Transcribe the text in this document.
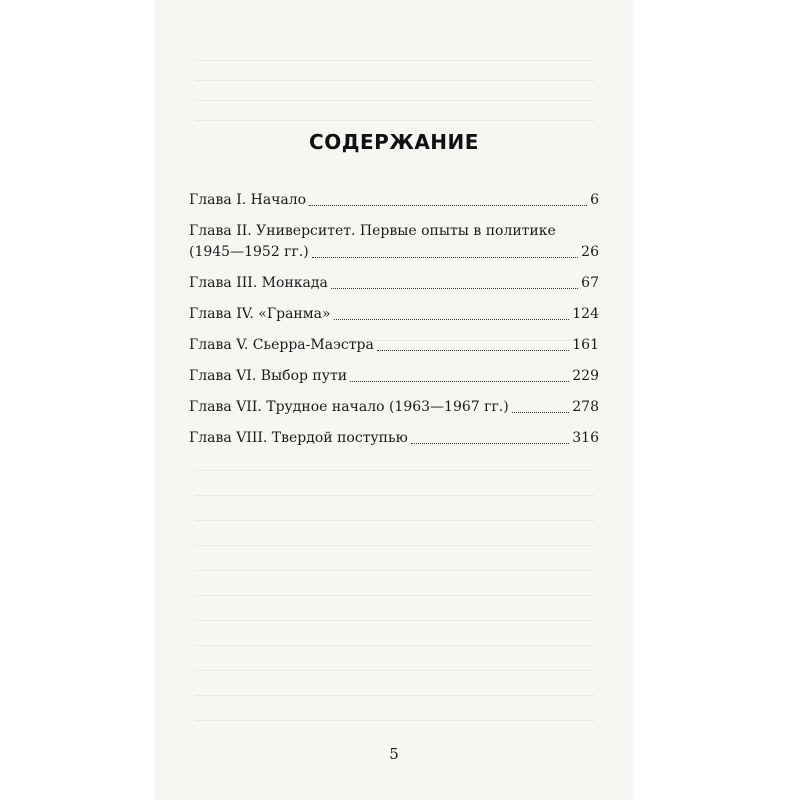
СОДЕРЖАНИЕ
Глава I. Начало	6
Глава II. Университет. Первые опыты в политике
(1945—1952 гг.)	26
Глава III. Монкада	67
Глава IV. «Гранма»	124
Глава V. Сьерра-Маэстра	161
Глава VI. Выбор пути	229
Глава VII. Трудное начало (1963—1967 гг.)	278
Глава VIII. Твердой поступью	316
5
